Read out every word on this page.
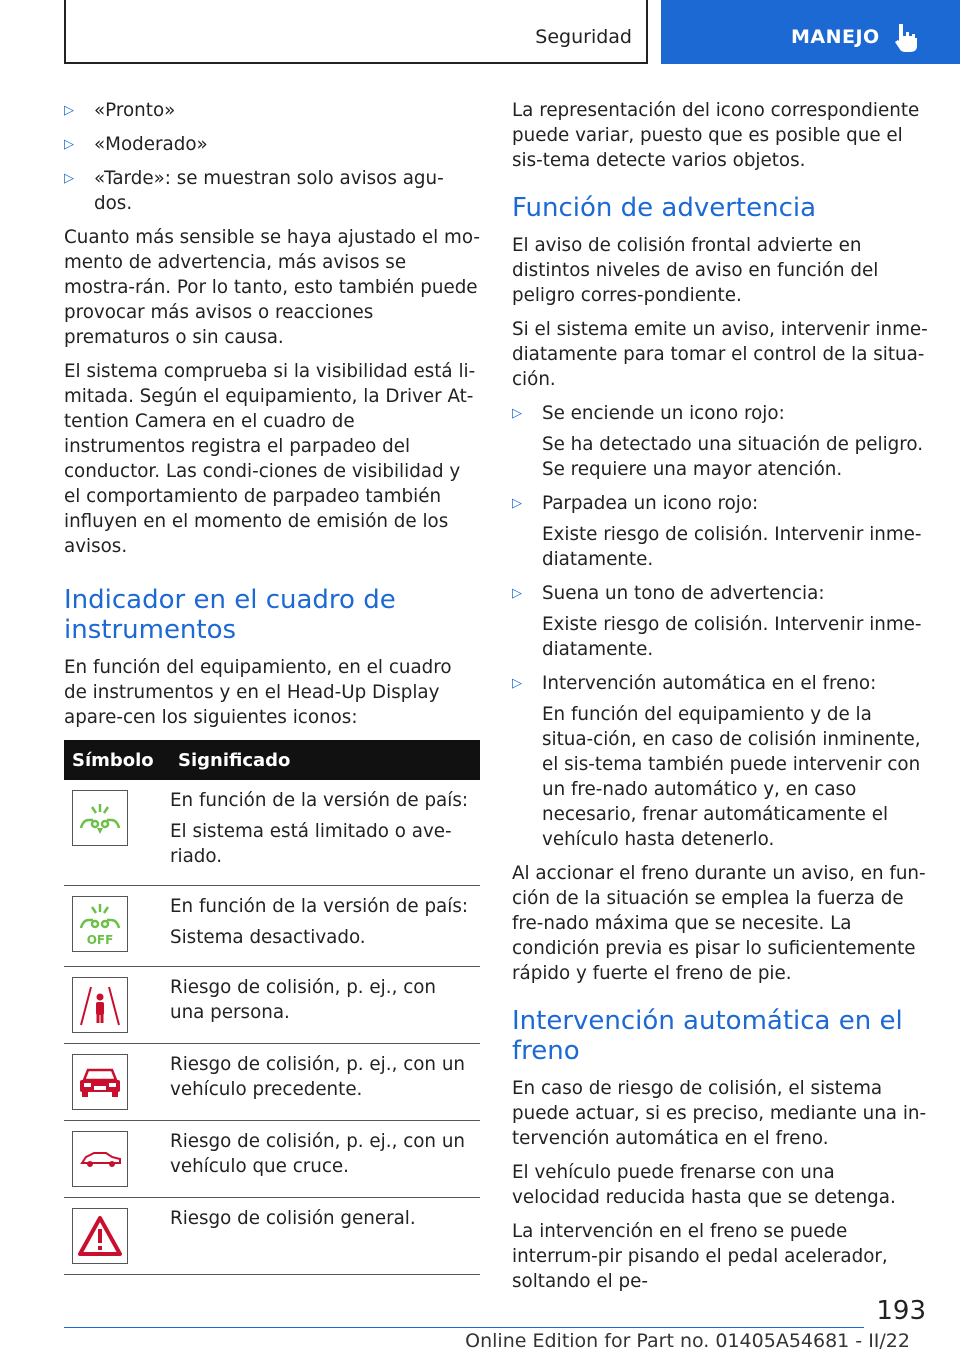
Seguridad	MANEJO
▷	«Pronto»
▷	«Moderado»
▷	«Tarde»: se muestran solo avisos agu-dos.

Cuanto más sensible se haya ajustado el mo-mento de advertencia, más avisos se mostra-rán. Por lo tanto, esto también puede provocar más avisos o reacciones prematuros o sin causa.

El sistema comprueba si la visibilidad está li-mitada. Según el equipamiento, la Driver At-tention Camera en el cuadro de instrumentos registra el parpadeo del conductor. Las condi-ciones de visibilidad y el comportamiento de parpadeo también influyen en el momento de emisión de los avisos.

Indicador en el cuadro de instrumentos

En función del equipamiento, en el cuadro de instrumentos y en el Head-Up Display apare-cen los siguientes iconos:

Símbolo	Significado

En función de la versión de país:

El sistema está limitado o ave-riado.

OFF	En función de la versión de país:

Sistema desactivado.

Riesgo de colisión, p. ej., con una persona.

Riesgo de colisión, p. ej., con un vehículo precedente.

Riesgo de colisión, p. ej., con un vehículo que cruce.

Riesgo de colisión general.

La representación del icono correspondiente puede variar, puesto que es posible que el sis-tema detecte varios objetos.

Función de advertencia

El aviso de colisión frontal advierte en distintos niveles de aviso en función del peligro corres-pondiente.

Si el sistema emite un aviso, intervenir inme-diatamente para tomar el control de la situa-ción.

▷	Se enciende un icono rojo:
Se ha detectado una situación de peligro. Se requiere una mayor atención.
▷	Parpadea un icono rojo:
Existe riesgo de colisión. Intervenir inme-diatamente.
▷	Suena un tono de advertencia:
Existe riesgo de colisión. Intervenir inme-diatamente.
▷	Intervención automática en el freno:
En función del equipamiento y de la situa-ción, en caso de colisión inminente, el sis-tema también puede intervenir con un fre-nado automático y, en caso necesario, frenar automáticamente el vehículo hasta detenerlo.

Al accionar el freno durante un aviso, en fun-ción de la situación se emplea la fuerza de fre-nado máxima que se necesite. La condición previa es pisar lo suficientemente rápido y fuerte el freno de pie.

Intervención automática en el freno

En caso de riesgo de colisión, el sistema puede actuar, si es preciso, mediante una in-tervención automática en el freno.

El vehículo puede frenarse con una velocidad reducida hasta que se detenga.

La intervención en el freno se puede interrum-pir pisando el pedal acelerador, soltando el pe-

193
Online Edition for Part no. 01405A54681 - II/22
